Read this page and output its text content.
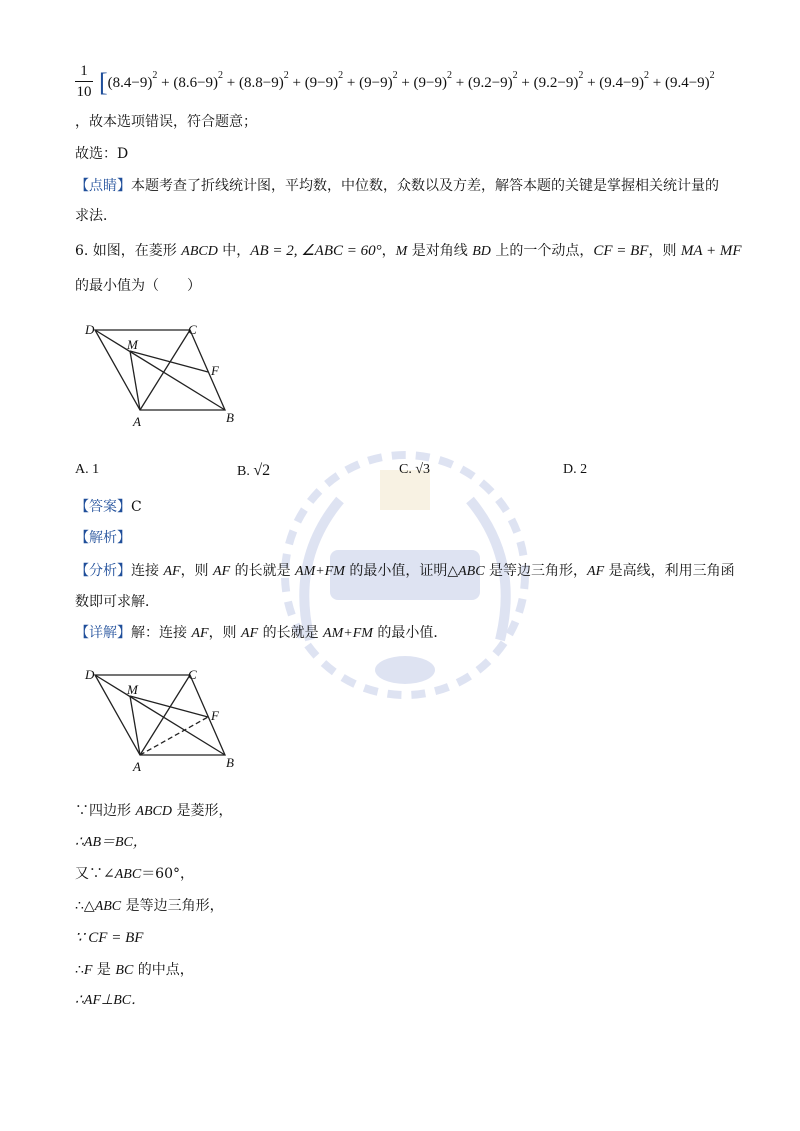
1
10 [$(8.4-9)^2 + (8.6-9)^2 + (8.8-9)^2 + (9-9)^2 + (9-9)^2 + (9-9)^2 + (9.2-9)^2 + (9.2-9)^2 + (9.4-9)^2 + (9.4-9)^2$
，故本选项错误，符合题意；
故选：D
【点睛】本题考查了折线统计图，平均数，中位数，众数以及方差，解答本题的关键是掌握相关统计量的
求法．
6. 如图，在菱形 ABCD 中，AB = 2, ∠ABC = 60°，M 是对角线 BD 上的一个动点，CF = BF，则 MA + MF
的最小值为（　　）
D	C
M
F
A	B
A. 1	B. √2	C. √3	D. 2
【答案】C
【解析】
【分析】连接 AF，则 AF 的长就是 AM+FM 的最小值，证明△ABC 是等边三角形，AF 是高线，利用三角函
数即可求解．
【详解】解：连接 AF，则 AF 的长就是 AM+FM 的最小值．
D	C
M
F
A	B
∵四边形 ABCD 是菱形，
∴AB＝BC，
又∵∠ABC＝60°，
∴△ABC 是等边三角形，
∵ CF = BF
∴F 是 BC 的中点，
∴AF⊥BC．
